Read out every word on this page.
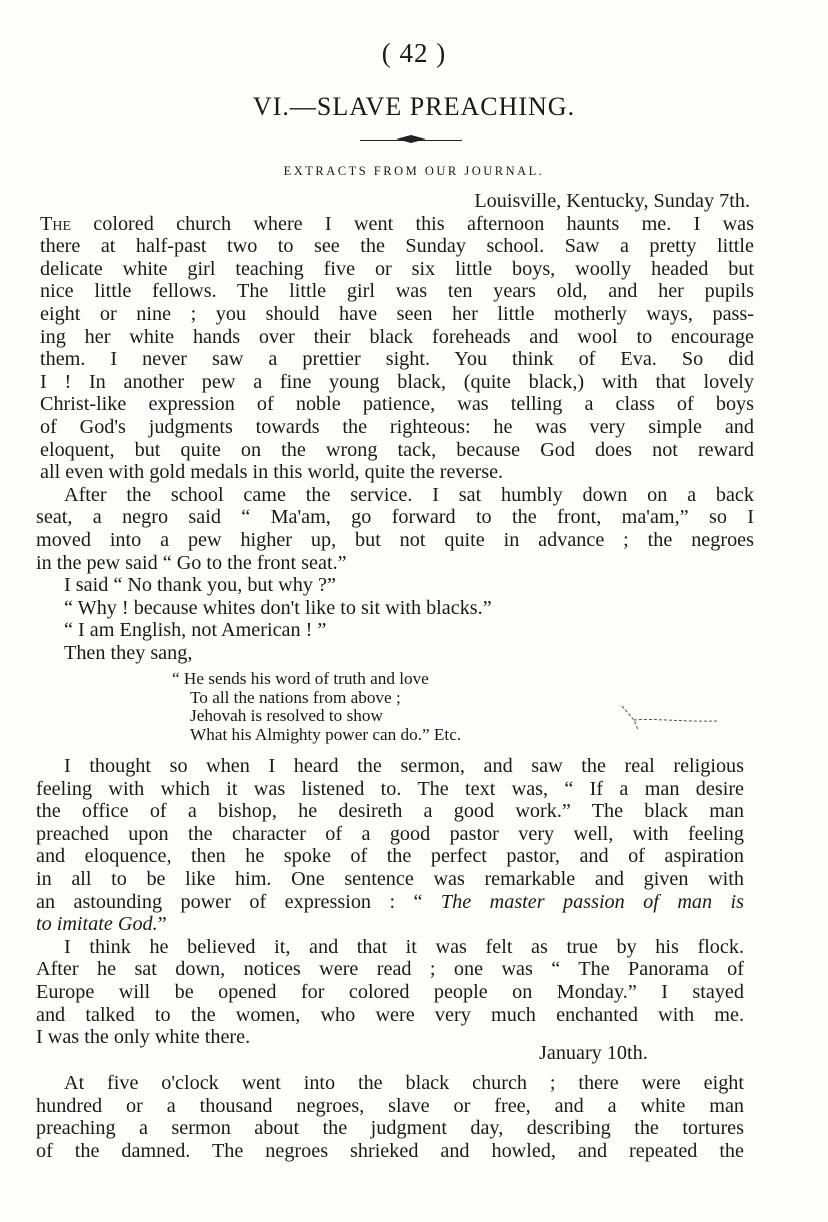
( 42 )
VI.—SLAVE PREACHING.
EXTRACTS FROM OUR JOURNAL.

Louisville, Kentucky, Sunday 7th.

The colored church where I went this afternoon haunts me. I was

there at half-past two to see the Sunday school. Saw a pretty little

delicate white girl teaching five or six little boys, woolly headed but

nice little fellows. The little girl was ten years old, and her pupils

eight or nine ; you should have seen her little motherly ways, pass-

ing her white hands over their black foreheads and wool to encourage

them. I never saw a prettier sight. You think of Eva. So did

I ! In another pew a fine young black, (quite black,) with that lovely

Christ-like expression of noble patience, was telling a class of boys

of God's judgments towards the righteous: he was very simple and

eloquent, but quite on the wrong tack, because God does not reward

all even with gold medals in this world, quite the reverse.

After the school came the service. I sat humbly down on a back

seat, a negro said “ Ma'am, go forward to the front, ma'am,” so I

moved into a pew higher up, but not quite in advance ; the negroes

in the pew said “ Go to the front seat.”

I said “ No thank you, but why ?”

“ Why ! because whites don't like to sit with blacks.”

“ I am English, not American ! ”

Then they sang,

“ He sends his word of truth and love

To all the nations from above ;

Jehovah is resolved to show

What his Almighty power can do.” Etc.

I thought so when I heard the sermon, and saw the real religious

feeling with which it was listened to. The text was, “ If a man desire

the office of a bishop, he desireth a good work.” The black man

preached upon the character of a good pastor very well, with feeling

and eloquence, then he spoke of the perfect pastor, and of aspiration

in all to be like him. One sentence was remarkable and given with

an astounding power of expression : “ The master passion of man is

to imitate God.”

I think he believed it, and that it was felt as true by his flock.

After he sat down, notices were read ; one was “ The Panorama of

Europe will be opened for colored people on Monday.” I stayed

and talked to the women, who were very much enchanted with me.

I was the only white there.

January 10th.

At five o'clock went into the black church ; there were eight

hundred or a thousand negroes, slave or free, and a white man

preaching a sermon about the judgment day, describing the tortures

of the damned. The negroes shrieked and howled, and repeated the
